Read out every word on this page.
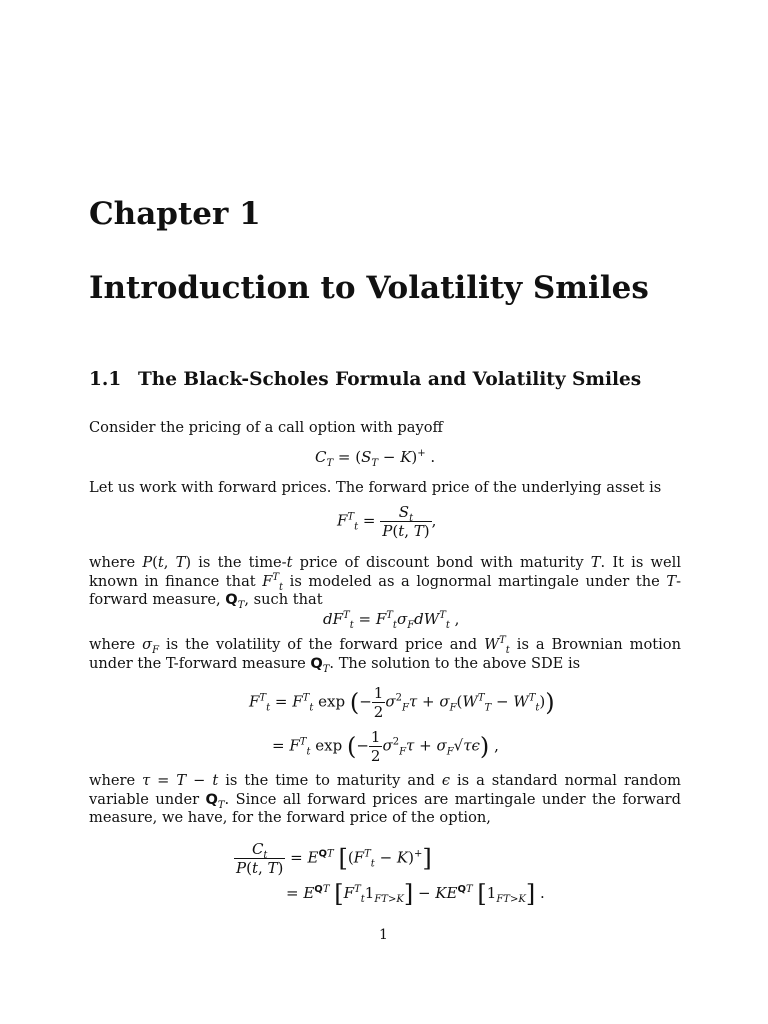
Chapter 1
Introduction to Volatility Smiles
1.1 The Black-Scholes Formula and Volatility Smiles
Consider the pricing of a call option with payoff
$C_T = (S_T - K)^+$ .
Let us work with forward prices. The forward price of the underlying asset is
$F^T_t = \frac{S_t}{P(t, T)}$ ,
where P(t, T) is the time-t price of discount bond with maturity T. It is well known in finance that $F^T_t$ is modeled as a lognormal martingale under the T-forward measure, $Q_T$, such that
$dF^T_t = F^T_t\sigma_FdW^T_t$ ,
where $\sigma_F$ is the volatility of the forward price and $W^T_t$ is a Brownian motion under the T-forward measure $Q_T$. The solution to the above SDE is
$F^T_t = F^T_t$ exp (− $\frac{1}{2} \sigma^2_F\tau + \sigma_F(W^T_T - W^T_t)$)
= $F^T_t$ exp (− $\frac{1}{2} \sigma^2_F\tau + \sigma_F√\tau\epsilon$) ,
where τ = T − t is the time to maturity and ϵ is a standard normal random variable under $Q_T$. Since all forward prices are martingale under the forward measure, we have, for the forward price of the option,
$\frac{C_t}{P(t, T)} = E^{QT}$ $[(F^T_t - K)^+]$
= $E^{QT}$ $[F^T_t1_{FT>K}] - KE^{QT}$ $[1_{FT>K}]$ .
1
